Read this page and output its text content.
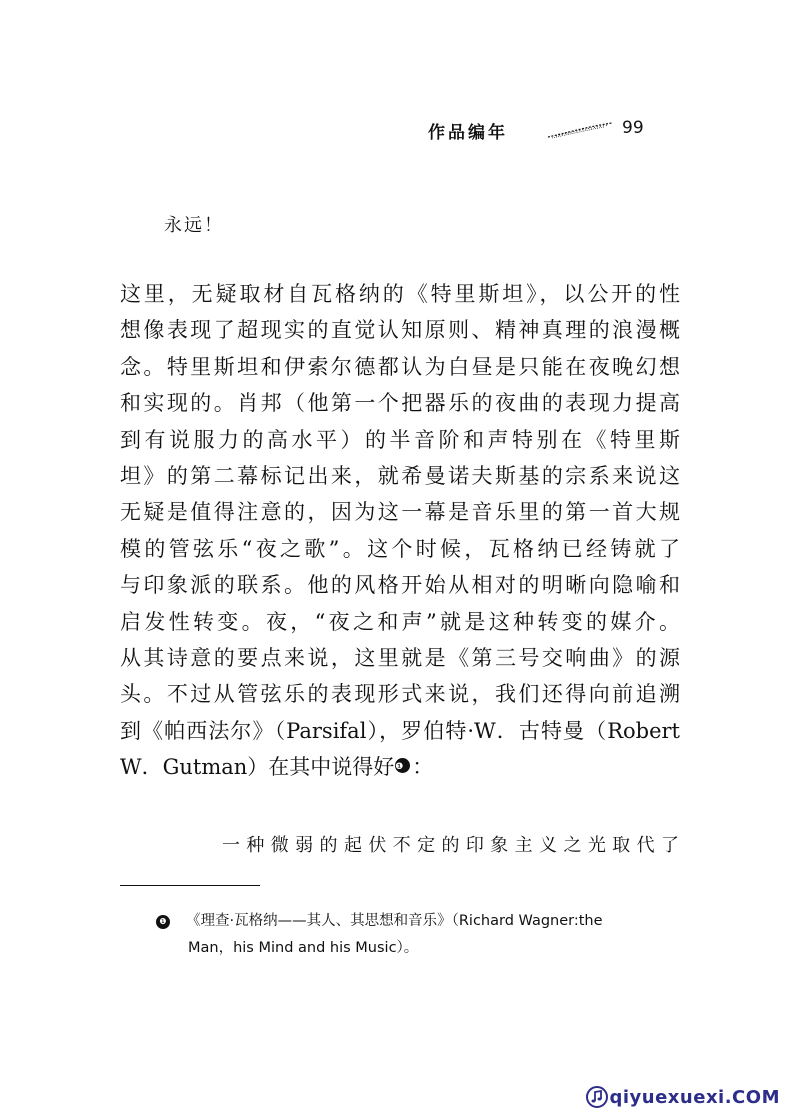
作品编年	99
永远！
这里，无疑取材自瓦格纳的《特里斯坦》，以公开的性
想像表现了超现实的直觉认知原则、精神真理的浪漫概
念。特里斯坦和伊索尔德都认为白昼是只能在夜晚幻想
和实现的。肖邦（他第一个把器乐的夜曲的表现力提高
到有说服力的高水平）的半音阶和声特别在《特里斯
坦》的第二幕标记出来，就希曼诺夫斯基的宗系来说这
无疑是值得注意的，因为这一幕是音乐里的第一首大规
模的管弦乐“夜之歌”。这个时候，瓦格纳已经铸就了
与印象派的联系。他的风格开始从相对的明晰向隐喻和
启发性转变。夜，“夜之和声”就是这种转变的媒介。
从其诗意的要点来说，这里就是《第三号交响曲》的源
头。不过从管弦乐的表现形式来说，我们还得向前追溯
到《帕西法尔》（Parsifal），罗伯特·W．古特曼（Robert
W．Gutman）在其中说得好❶ ：
一种微弱的起伏不定的印象主义之光取代了
❶	《理查·瓦格纳——其人、其思想和音乐》（Richard Wagner:the
Man，his Mind and his Music）。
qiyuexuexi.COM
